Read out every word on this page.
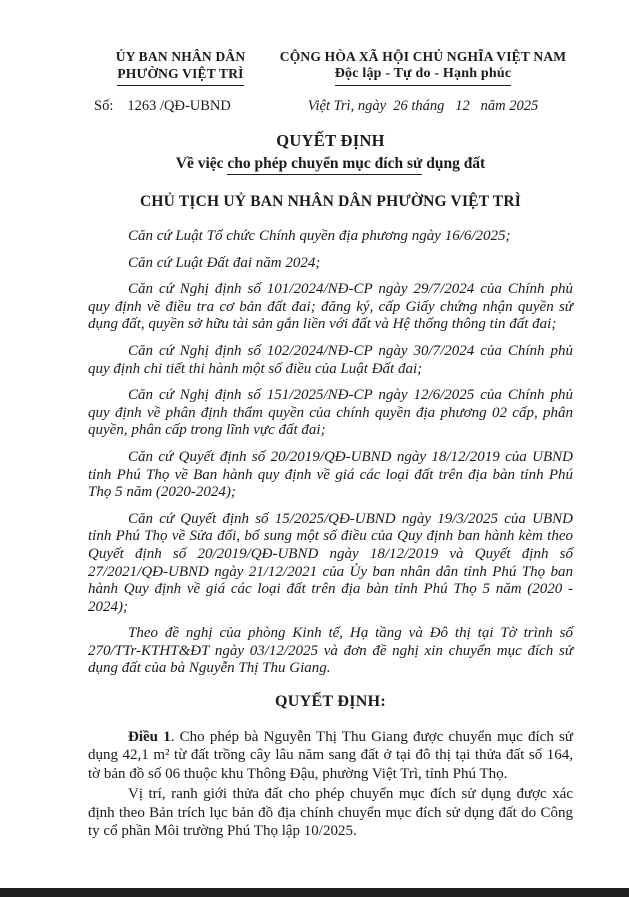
ỦY BAN NHÂN DÂN
PHƯỜNG VIỆT TRÌ
CỘNG HÒA XÃ HỘI CHỦ NGHĨA VIỆT NAM
Độc lập - Tự do - Hạnh phúc
Số: 1263 /QĐ-UBND	Việt Trì, ngày  26 tháng   12   năm 2025
QUYẾT ĐỊNH
Về việc cho phép chuyển mục đích sử dụng đất
CHỦ TỊCH UỶ BAN NHÂN DÂN PHƯỜNG VIỆT TRÌ

Căn cứ Luật Tổ chức Chính quyền địa phương ngày 16/6/2025;

Căn cứ Luật Đất đai năm 2024;

Căn cứ Nghị định số 101/2024/NĐ-CP ngày 29/7/2024 của Chính phủ quy định về điều tra cơ bản đất đai; đăng ký, cấp Giấy chứng nhận quyền sử dụng đất, quyền sở hữu tài sản gắn liền với đất và Hệ thống thông tin đất đai;

Căn cứ Nghị định số 102/2024/NĐ-CP ngày 30/7/2024 của Chính phủ quy định chi tiết thi hành một số điều của Luật Đất đai;

Căn cứ Nghị định số 151/2025/NĐ-CP ngày 12/6/2025 của Chính phủ quy định về phân định thẩm quyền của chính quyền địa phương 02 cấp, phân quyền, phân cấp trong lĩnh vực đất đai;

Căn cứ Quyết định số 20/2019/QĐ-UBND ngày 18/12/2019 của UBND tỉnh Phú Thọ về Ban hành quy định về giá các loại đất trên địa bàn tỉnh Phú Thọ 5 năm (2020-2024);

Căn cứ Quyết định số 15/2025/QĐ-UBND ngày 19/3/2025 của UBND tỉnh Phú Thọ về Sửa đổi, bổ sung một số điều của Quy định ban hành kèm theo Quyết định số 20/2019/QĐ-UBND ngày 18/12/2019 và Quyết định số 27/2021/QĐ-UBND ngày 21/12/2021 của Ủy ban nhân dân tỉnh Phú Thọ ban hành Quy định về giá các loại đất trên địa bàn tỉnh Phú Thọ 5 năm (2020 - 2024);

Theo đề nghị của phòng Kinh tế, Hạ tầng và Đô thị tại Tờ trình số 270/TTr-KTHT&ĐT ngày 03/12/2025 và đơn đề nghị xin chuyển mục đích sử dụng đất của bà Nguyễn Thị Thu Giang.

QUYẾT ĐỊNH:

Điều 1. Cho phép bà Nguyễn Thị Thu Giang được chuyển mục đích sử dụng 42,1 m² từ đất trồng cây lâu năm sang đất ở tại đô thị tại thửa đất số 164, tờ bản đồ số 06 thuộc khu Thông Đậu, phường Việt Trì, tỉnh Phú Thọ.

Vị trí, ranh giới thửa đất cho phép chuyển mục đích sử dụng được xác định theo Bản trích lục bản đồ địa chính chuyển mục đích sử dụng đất do Công ty cổ phần Môi trường Phú Thọ lập 10/2025.
